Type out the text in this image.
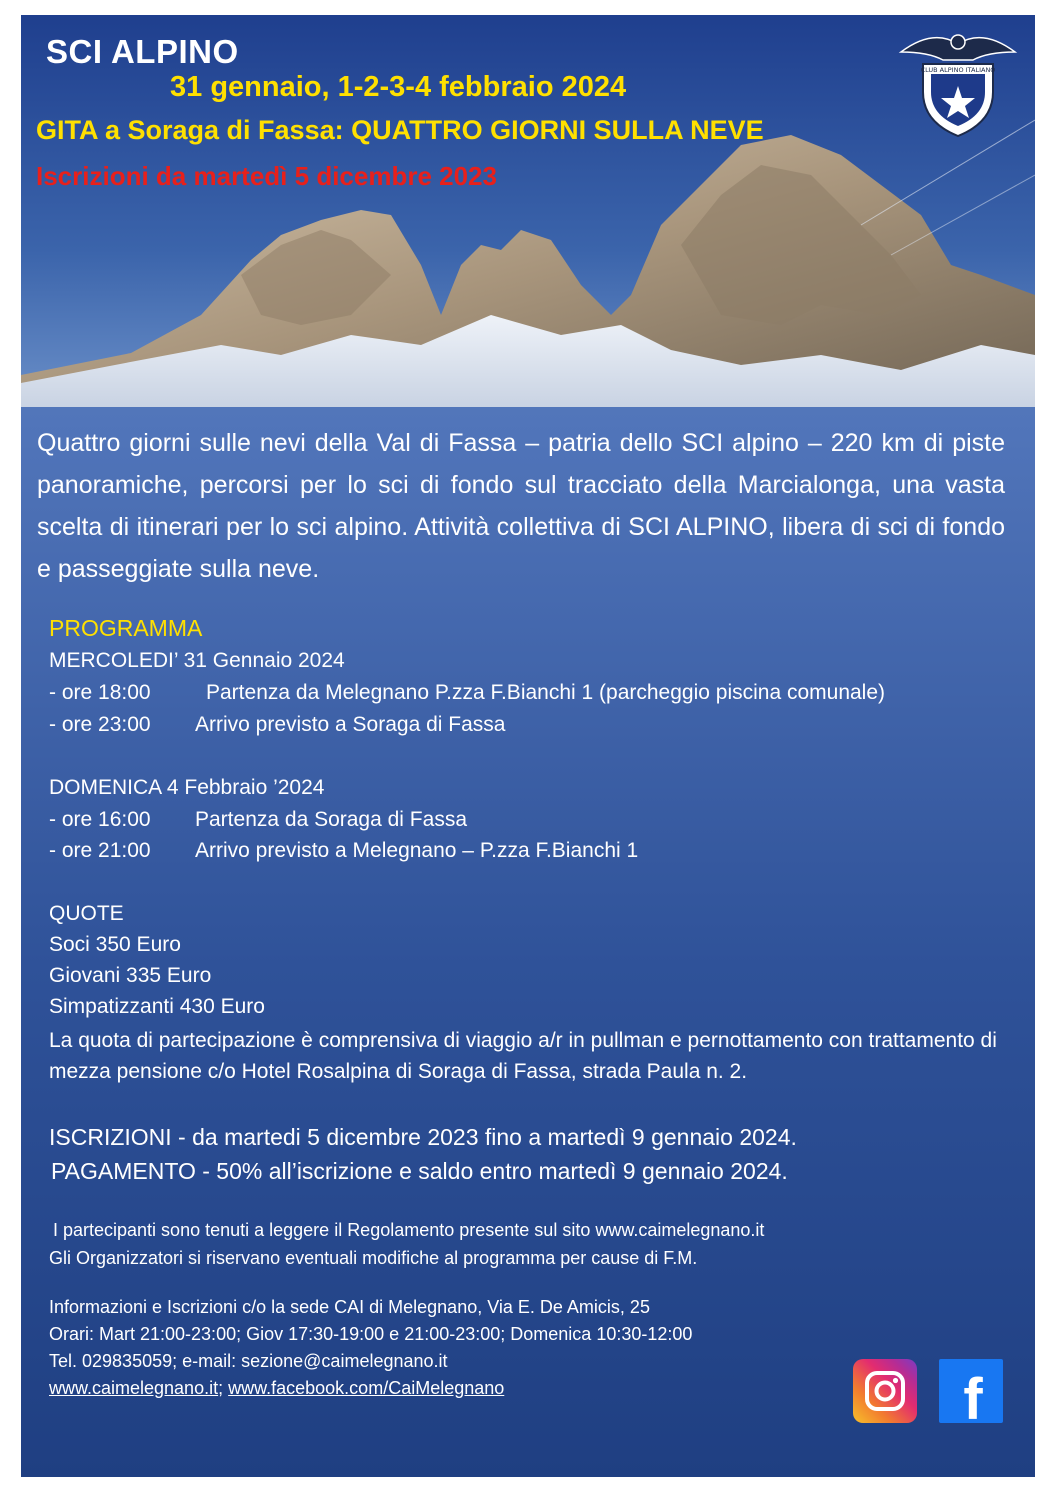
SCI ALPINO
31 gennaio, 1-2-3-4 febbraio 2024
GITA a Soraga di Fassa: QUATTRO GIORNI SULLA NEVE
Iscrizioni da martedì 5 dicembre 2023
CLUB ALPINO ITALIANO

Quattro giorni sulle nevi della Val di Fassa – patria dello SCI alpino – 220 km di piste panoramiche, percorsi per lo sci di fondo sul tracciato della Marcialonga, una vasta scelta di itinerari per lo sci alpino. Attività collettiva di SCI ALPINO, libera di sci di fondo e passeggiate sulla neve.

PROGRAMMA
MERCOLEDI’ 31 Gennaio 2024
- ore 18:00	Partenza da Melegnano P.zza F.Bianchi 1 (parcheggio piscina comunale)
- ore 23:00 Arrivo previsto a Soraga di Fassa
DOMENICA 4 Febbraio ’2024
- ore 16:00 Partenza da Soraga di Fassa
- ore 21:00 Arrivo previsto a Melegnano – P.zza F.Bianchi 1
QUOTE
Soci 350 Euro
Giovani 335 Euro
Simpatizzanti 430 Euro

La quota di partecipazione è comprensiva di viaggio a/r in pullman e pernottamento con trattamento di mezza pensione c/o Hotel Rosalpina di Soraga di Fassa, strada Paula n. 2.

ISCRIZIONI - da martedi 5 dicembre 2023 fino a martedì 9 gennaio 2024.
PAGAMENTO - 50% all’iscrizione e saldo entro martedì 9 gennaio 2024.
I partecipanti sono tenuti a leggere il Regolamento presente sul sito www.caimelegnano.it
Gli Organizzatori si riservano eventuali modifiche al programma per cause di F.M.
Informazioni e Iscrizioni c/o la sede CAI di Melegnano, Via E. De Amicis, 25
Orari: Mart 21:00-23:00; Giov 17:30-19:00 e 21:00-23:00; Domenica 10:30-12:00
Tel. 029835059; e-mail: sezione@caimelegnano.it
www.caimelegnano.it; www.facebook.com/CaiMelegnano	f
